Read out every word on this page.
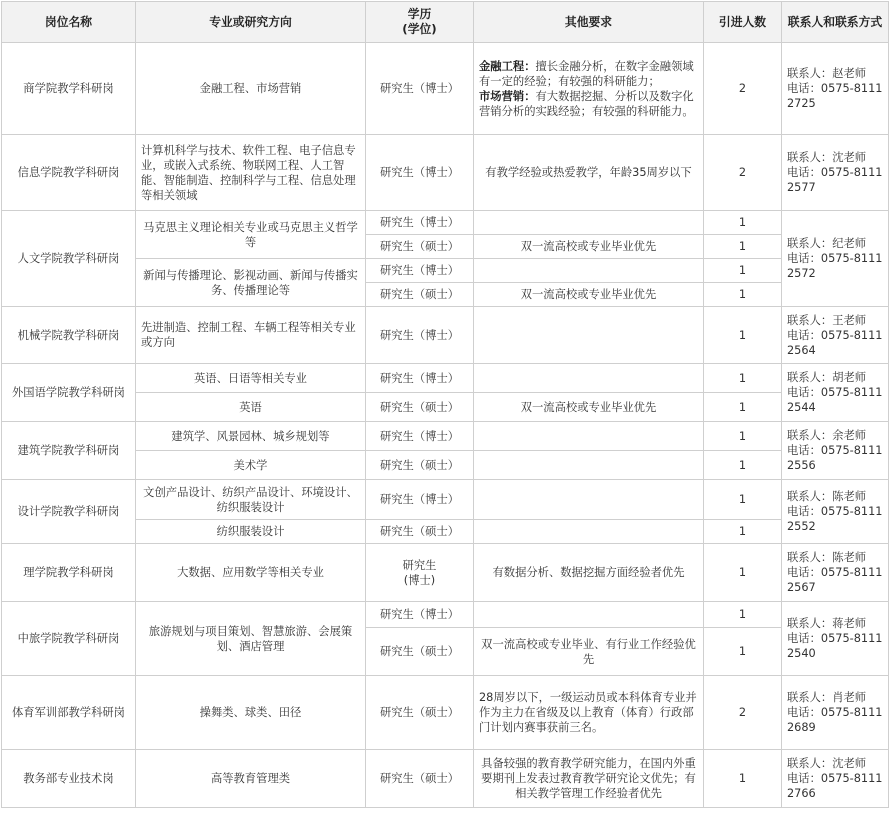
岗位名称	专业或研究方向	学历
(学位)	其他要求	引进人数	联系人和联系方式
商学院教学科研岗	金融工程、市场营销	研究生（博士）	金融工程：擅长金融分析，在数字金融领域有一定的经验；有较强的科研能力；
市场营销：有大数据挖掘、分析以及数字化营销分析的实践经验；有较强的科研能力。	2	联系人：赵老师
电话：0575-81112725
信息学院教学科研岗	计算机科学与技术、软件工程、电子信息专业，或嵌入式系统、物联网工程、人工智能、智能制造、控制科学与工程、信息处理等相关领域	研究生（博士）	有教学经验或热爱教学，年龄35周岁以下	2	联系人：沈老师
电话：0575-81112577
人文学院教学科研岗	马克思主义理论相关专业或马克思主义哲学等	研究生（博士）		1	联系人：纪老师
电话：0575-81112572
		研究生（硕士）	双一流高校或专业毕业优先	1	
	新闻与传播理论、影视动画、新闻与传播实务、传播理论等	研究生（博士）		1	
		研究生（硕士）	双一流高校或专业毕业优先	1	
机械学院教学科研岗	先进制造、控制工程、车辆工程等相关专业或方向	研究生（博士）		1	联系人：王老师
电话：0575-81112564
外国语学院教学科研岗	英语、日语等相关专业	研究生（博士）		1	联系人：胡老师
电话：0575-81112544
	英语	研究生（硕士）	双一流高校或专业毕业优先	1	
建筑学院教学科研岗	建筑学、风景园林、城乡规划等	研究生（博士）		1	联系人：余老师
电话：0575-81112556
	美术学	研究生（硕士）		1	
设计学院教学科研岗	文创产品设计、纺织产品设计、环境设计、纺织服装设计	研究生（博士）		1	联系人：陈老师
电话：0575-81112552
	纺织服装设计	研究生（硕士）		1	
理学院教学科研岗	大数据、应用数学等相关专业	研究生
(博士)	有数据分析、数据挖掘方面经验者优先	1	联系人：陈老师
电话：0575-81112567
中旅学院教学科研岗	旅游规划与项目策划、智慧旅游、会展策划、酒店管理	研究生（博士）		1	联系人：蒋老师
电话：0575-81112540
		研究生（硕士）	双一流高校或专业毕业、有行业工作经验优先	1	
体育军训部教学科研岗	操舞类、球类、田径	研究生（硕士）	28周岁以下，一级运动员或本科体育专业并作为主力在省级及以上教育（体育）行政部门计划内赛事获前三名。	2	联系人：肖老师
电话：0575-81112689
教务部专业技术岗	高等教育管理类	研究生（硕士）	具备较强的教育教学研究能力，在国内外重要期刊上发表过教育教学研究论文优先；有相关教学管理工作经验者优先	1	联系人：沈老师
电话：0575-81112766
